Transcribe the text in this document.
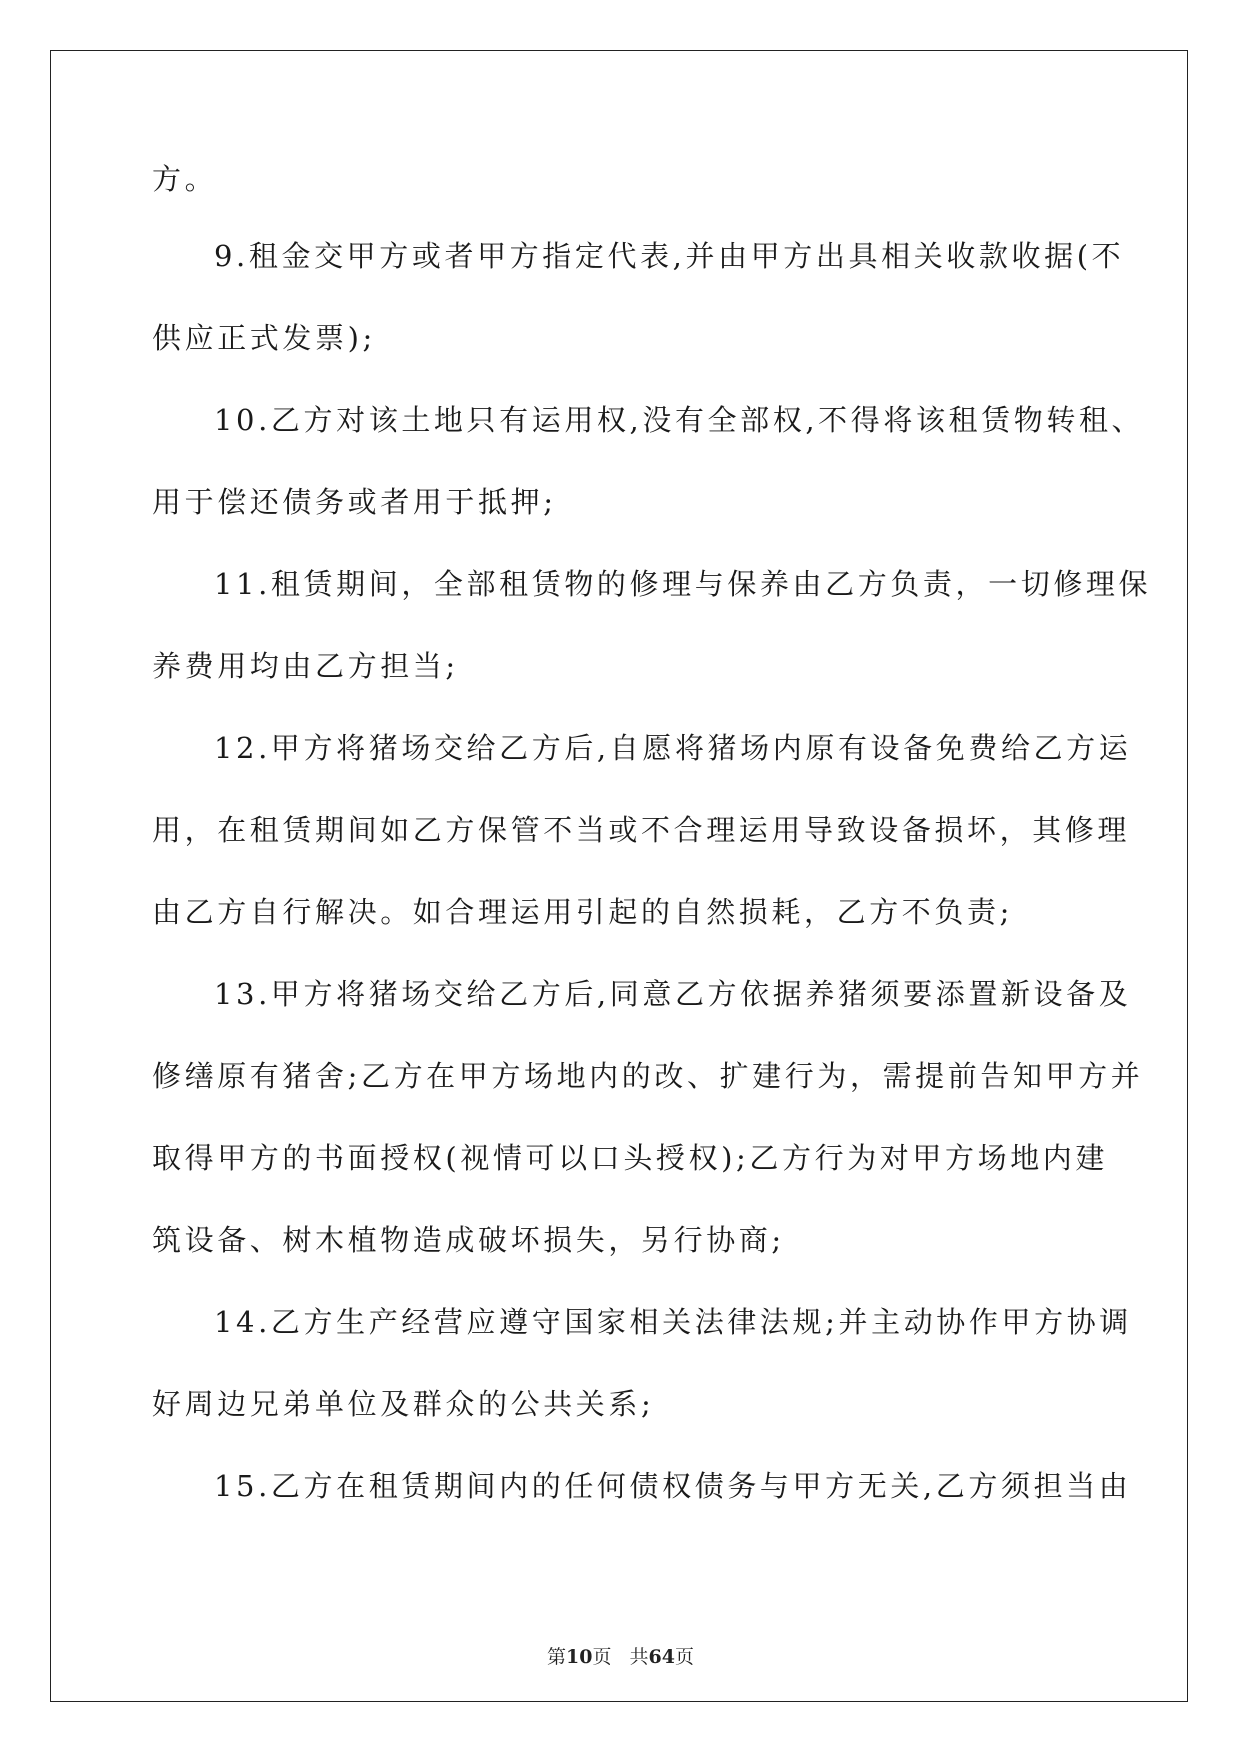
方。
9.租金交甲方或者甲方指定代表,并由甲方出具相关收款收据(不
供应正式发票);
10.乙方对该土地只有运用权,没有全部权,不得将该租赁物转租、
用于偿还债务或者用于抵押;
11.租赁期间，全部租赁物的修理与保养由乙方负责，一切修理保
养费用均由乙方担当;
12.甲方将猪场交给乙方后,自愿将猪场内原有设备免费给乙方运
用，在租赁期间如乙方保管不当或不合理运用导致设备损坏，其修理
由乙方自行解决。如合理运用引起的自然损耗，乙方不负责;
13.甲方将猪场交给乙方后,同意乙方依据养猪须要添置新设备及
修缮原有猪舍;乙方在甲方场地内的改、扩建行为，需提前告知甲方并
取得甲方的书面授权(视情可以口头授权);乙方行为对甲方场地内建
筑设备、树木植物造成破坏损失，另行协商;
14.乙方生产经营应遵守国家相关法律法规;并主动协作甲方协调
好周边兄弟单位及群众的公共关系;
15.乙方在租赁期间内的任何债权债务与甲方无关,乙方须担当由
第10页 共64页
